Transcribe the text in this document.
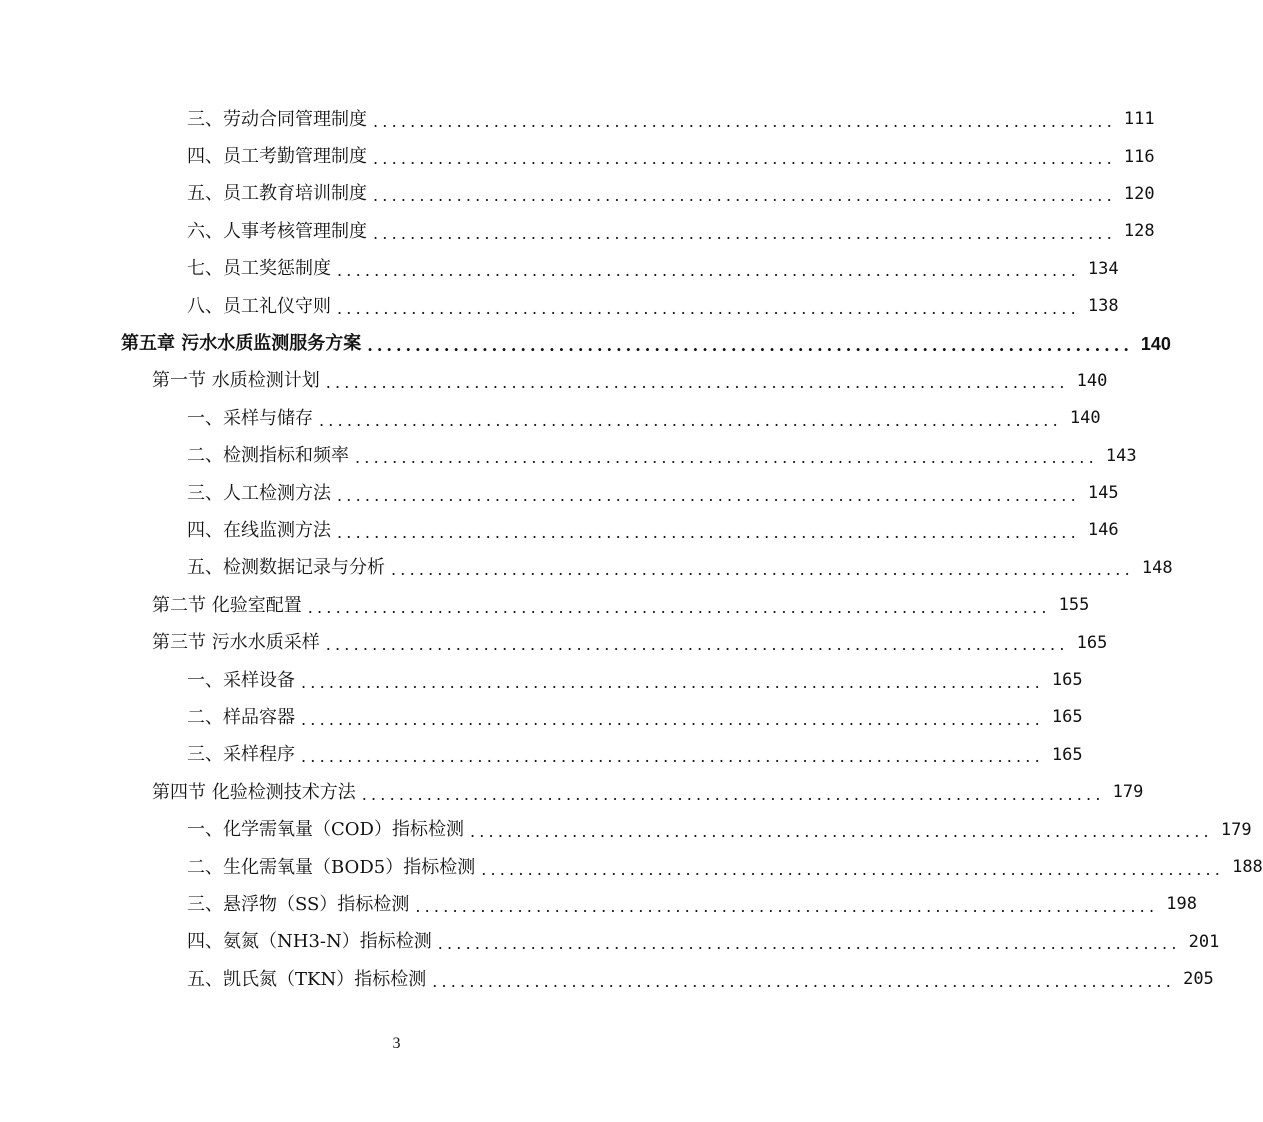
三、劳动合同管理制度 ................................................................................ 111
四、员工考勤管理制度 ................................................................................ 116
五、员工教育培训制度 ................................................................................ 120
六、人事考核管理制度 ................................................................................ 128
七、员工奖惩制度 ................................................................................ 134
八、员工礼仪守则 ................................................................................ 138
第五章 污水水质监测服务方案 ................................................................................ 140
第一节 水质检测计划 ................................................................................ 140
一、采样与储存 ................................................................................ 140
二、检测指标和频率 ................................................................................ 143
三、人工检测方法 ................................................................................ 145
四、在线监测方法 ................................................................................ 146
五、检测数据记录与分析 ................................................................................ 148
第二节 化验室配置 ................................................................................ 155
第三节 污水水质采样 ................................................................................ 165
一、采样设备 ................................................................................ 165
二、样品容器 ................................................................................ 165
三、采样程序 ................................................................................ 165
第四节 化验检测技术方法 ................................................................................ 179
一、化学需氧量（COD）指标检测 ................................................................................ 179
二、生化需氧量（BOD5）指标检测 ................................................................................ 188
三、悬浮物（SS）指标检测 ................................................................................ 198
四、氨氮（NH3-N）指标检测 ................................................................................ 201
五、凯氏氮（TKN）指标检测 ................................................................................ 205
3
